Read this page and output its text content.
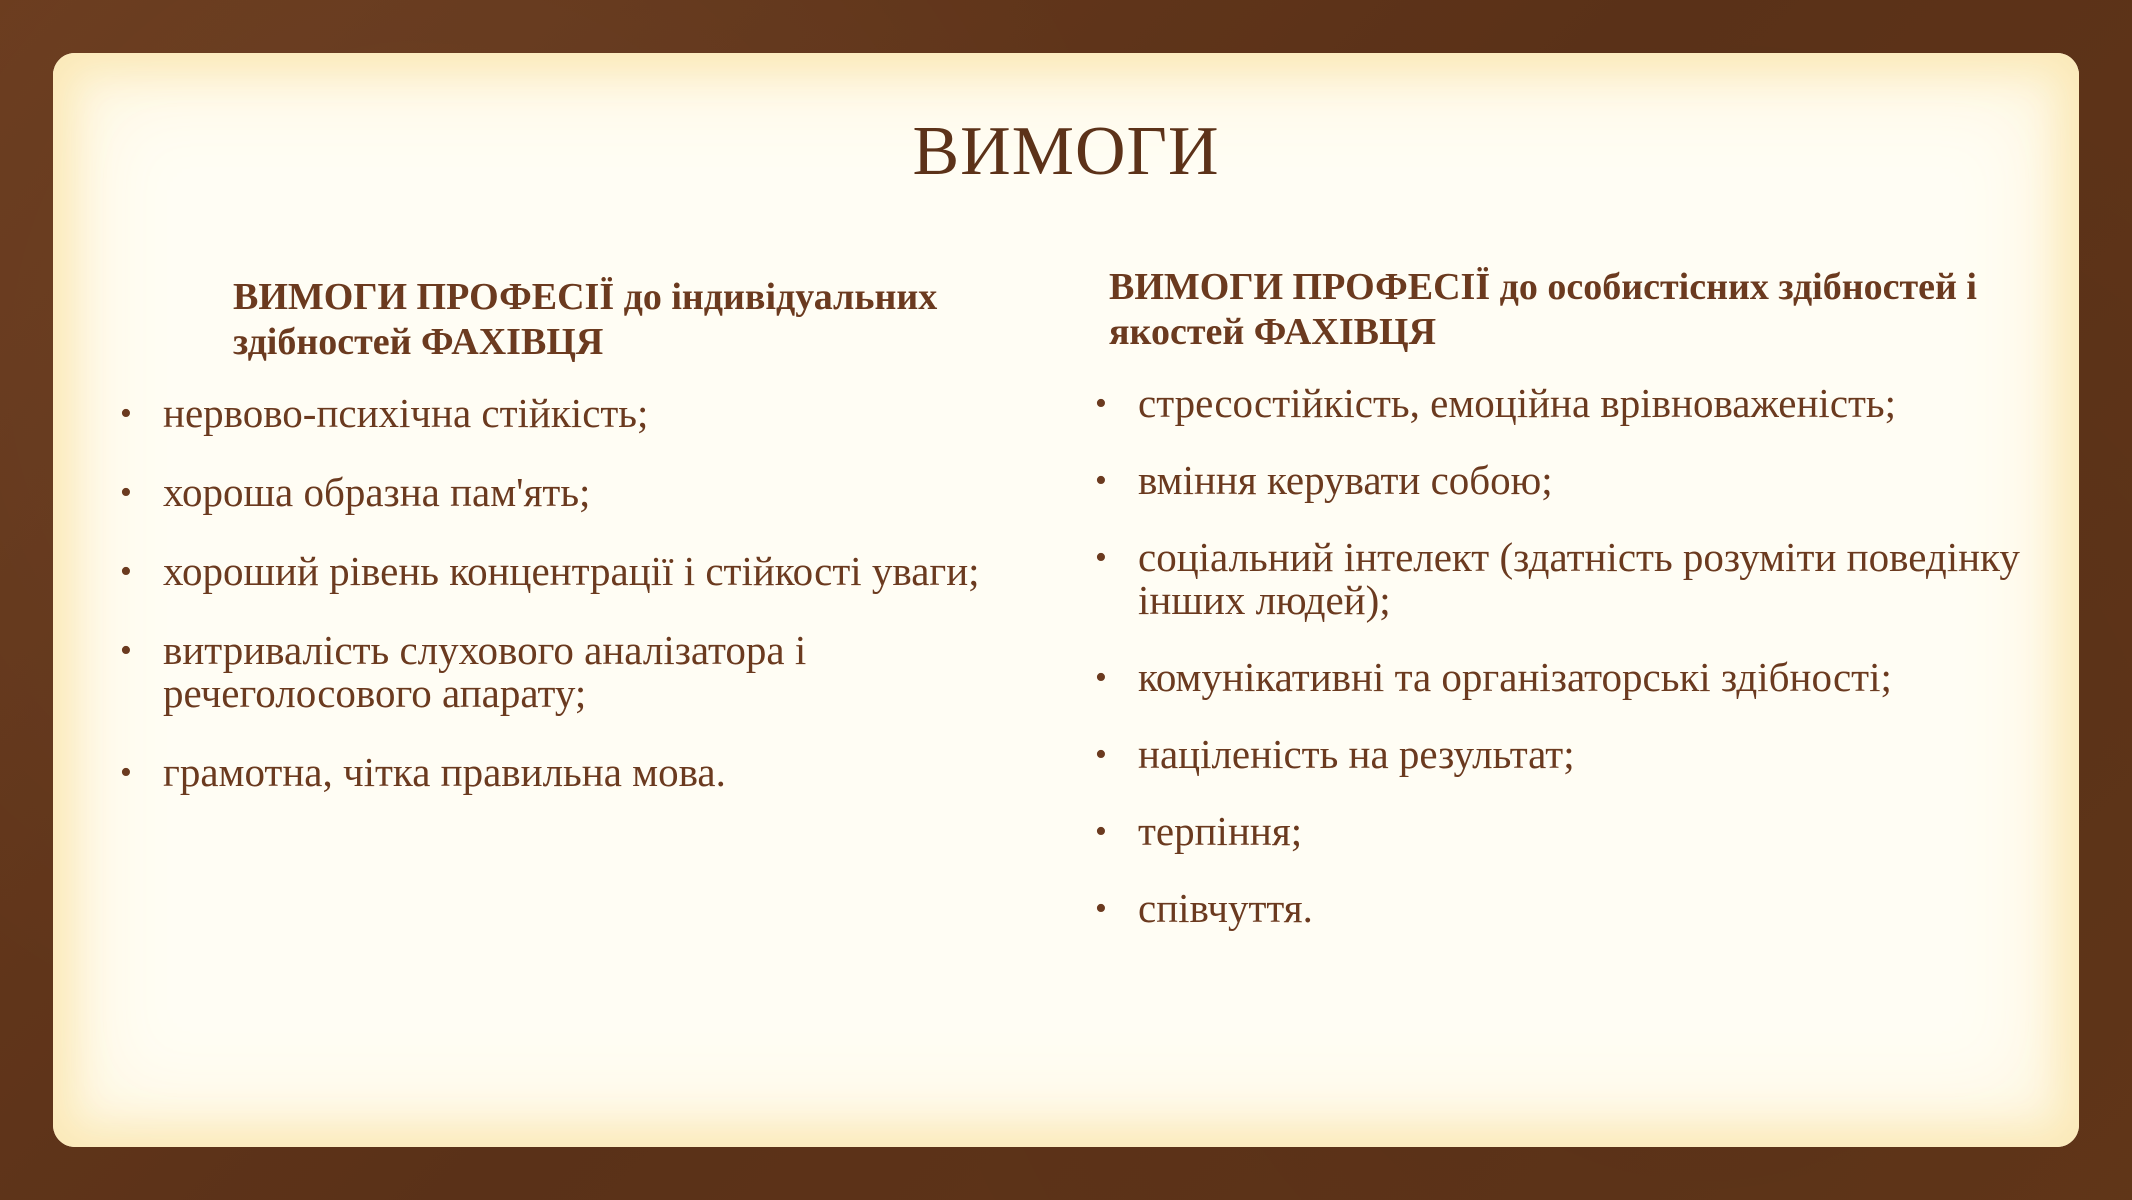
ВИМОГИ
ВИМОГИ ПРОФЕСІЇ до індивідуальних здібностей ФАХІВЦЯ
• нервово-психічна стійкість;
• хороша образна пам'ять;
• хороший рівень концентрації і стійкості уваги;
• витривалість слухового аналізатора і речеголосового апарату;
• грамотна, чітка правильна мова.
ВИМОГИ ПРОФЕСІЇ до особистісних здібностей і якостей ФАХІВЦЯ
• стресостійкість, емоційна врівноваженість;
• вміння керувати собою;
• соціальний інтелект (здатність розуміти поведінку інших людей);
• комунікативні та організаторські здібності;
• націленість на результат;
• терпіння;
• співчуття.
